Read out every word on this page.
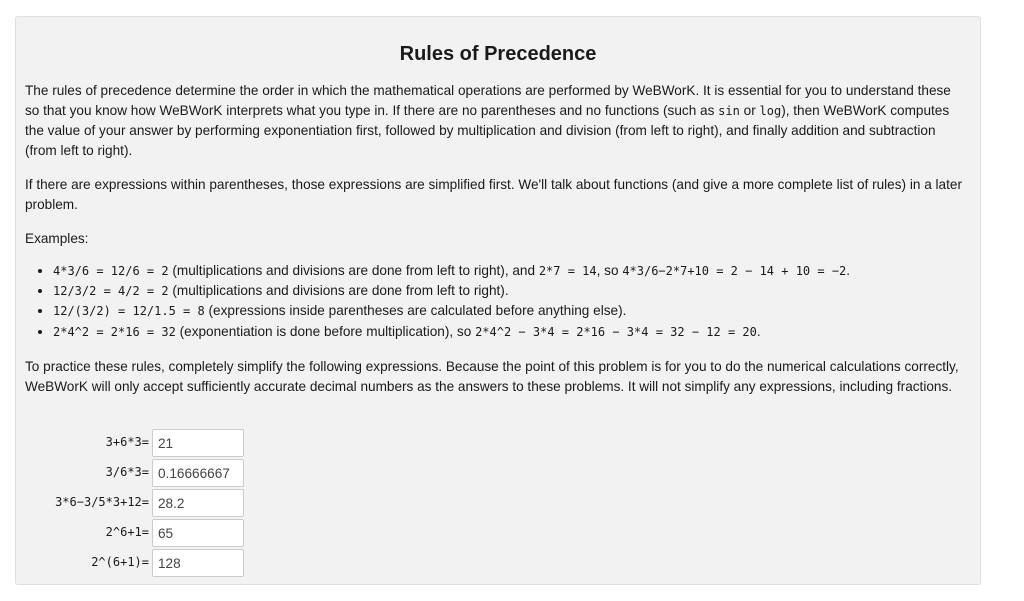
Rules of Precedence

The rules of precedence determine the order in which the mathematical operations are performed by WeBWorK. It is essential for you to understand these so that you know how WeBWorK interprets what you type in. If there are no parentheses and no functions (such as sin or log), then WeBWorK computes the value of your answer by performing exponentiation first, followed by multiplication and division (from left to right), and finally addition and subtraction (from left to right).

If there are expressions within parentheses, those expressions are simplified first. We'll talk about functions (and give a more complete list of rules) in a later problem.

Examples:

• 4*3/6 = 12/6 = 2 (multiplications and divisions are done from left to right), and 2*7 = 14, so 4*3/6−2*7+10 = 2 − 14 + 10 = −2.
• 12/3/2 = 4/2 = 2 (multiplications and divisions are done from left to right).
• 12/(3/2) = 12/1.5 = 8 (expressions inside parentheses are calculated before anything else).
• 2*4^2 = 2*16 = 32 (exponentiation is done before multiplication), so 2*4^2 − 3*4 = 2*16 − 3*4 = 32 − 12 = 20.

To practice these rules, completely simplify the following expressions. Because the point of this problem is for you to do the numerical calculations correctly, WeBWorK will only accept sufficiently accurate decimal numbers as the answers to these problems. It will not simplify any expressions, including fractions.

3+6*3= 21
3/6*3= 0.16666667
3*6−3/5*3+12= 28.2
2^6+1= 65
2^(6+1)= 128
